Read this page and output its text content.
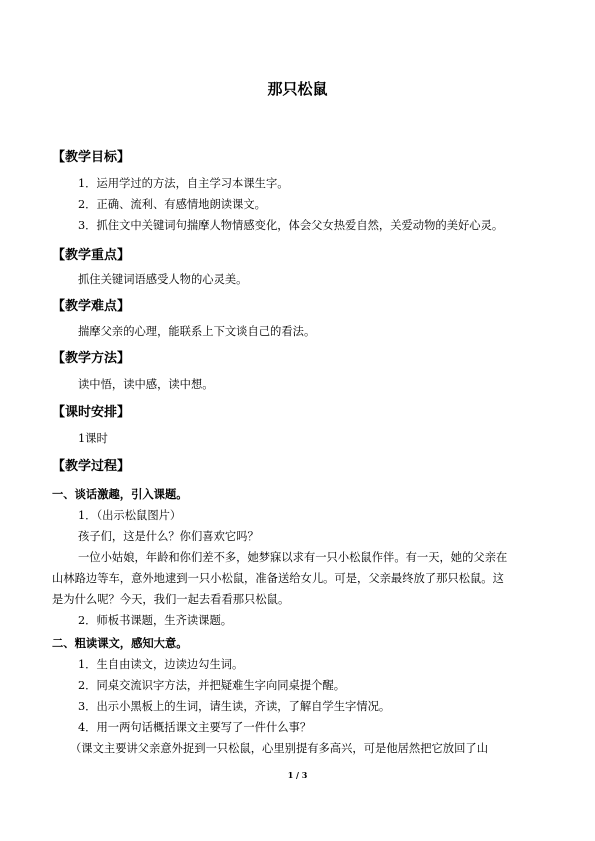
那只松鼠
【教学目标】
1．运用学过的方法，自主学习本课生字。
2．正确、流利、有感情地朗读课文。
3．抓住文中关键词句揣摩人物情感变化，体会父女热爱自然，关爱动物的美好心灵。
【教学重点】
抓住关键词语感受人物的心灵美。
【教学难点】
揣摩父亲的心理，能联系上下文谈自己的看法。
【教学方法】
读中悟，读中感，读中想。
【课时安排】
1课时
【教学过程】
一、谈话激趣，引入课题。
1．（出示松鼠图片）
孩子们，这是什么？你们喜欢它吗？
一位小姑娘，年龄和你们差不多，她梦寐以求有一只小松鼠作伴。有一天，她的父亲在
山林路边等车，意外地逮到一只小松鼠，准备送给女儿。可是，父亲最终放了那只松鼠。这
是为什么呢？今天，我们一起去看看那只松鼠。
2．师板书课题，生齐读课题。
二、粗读课文，感知大意。
1．生自由读文，边读边勾生词。
2．同桌交流识字方法，并把疑难生字向同桌提个醒。
3．出示小黑板上的生词，请生读，齐读，了解自学生字情况。
4．用一两句话概括课文主要写了一件什么事？
（课文主要讲父亲意外捉到一只松鼠，心里别提有多高兴，可是他居然把它放回了山
1 / 3
